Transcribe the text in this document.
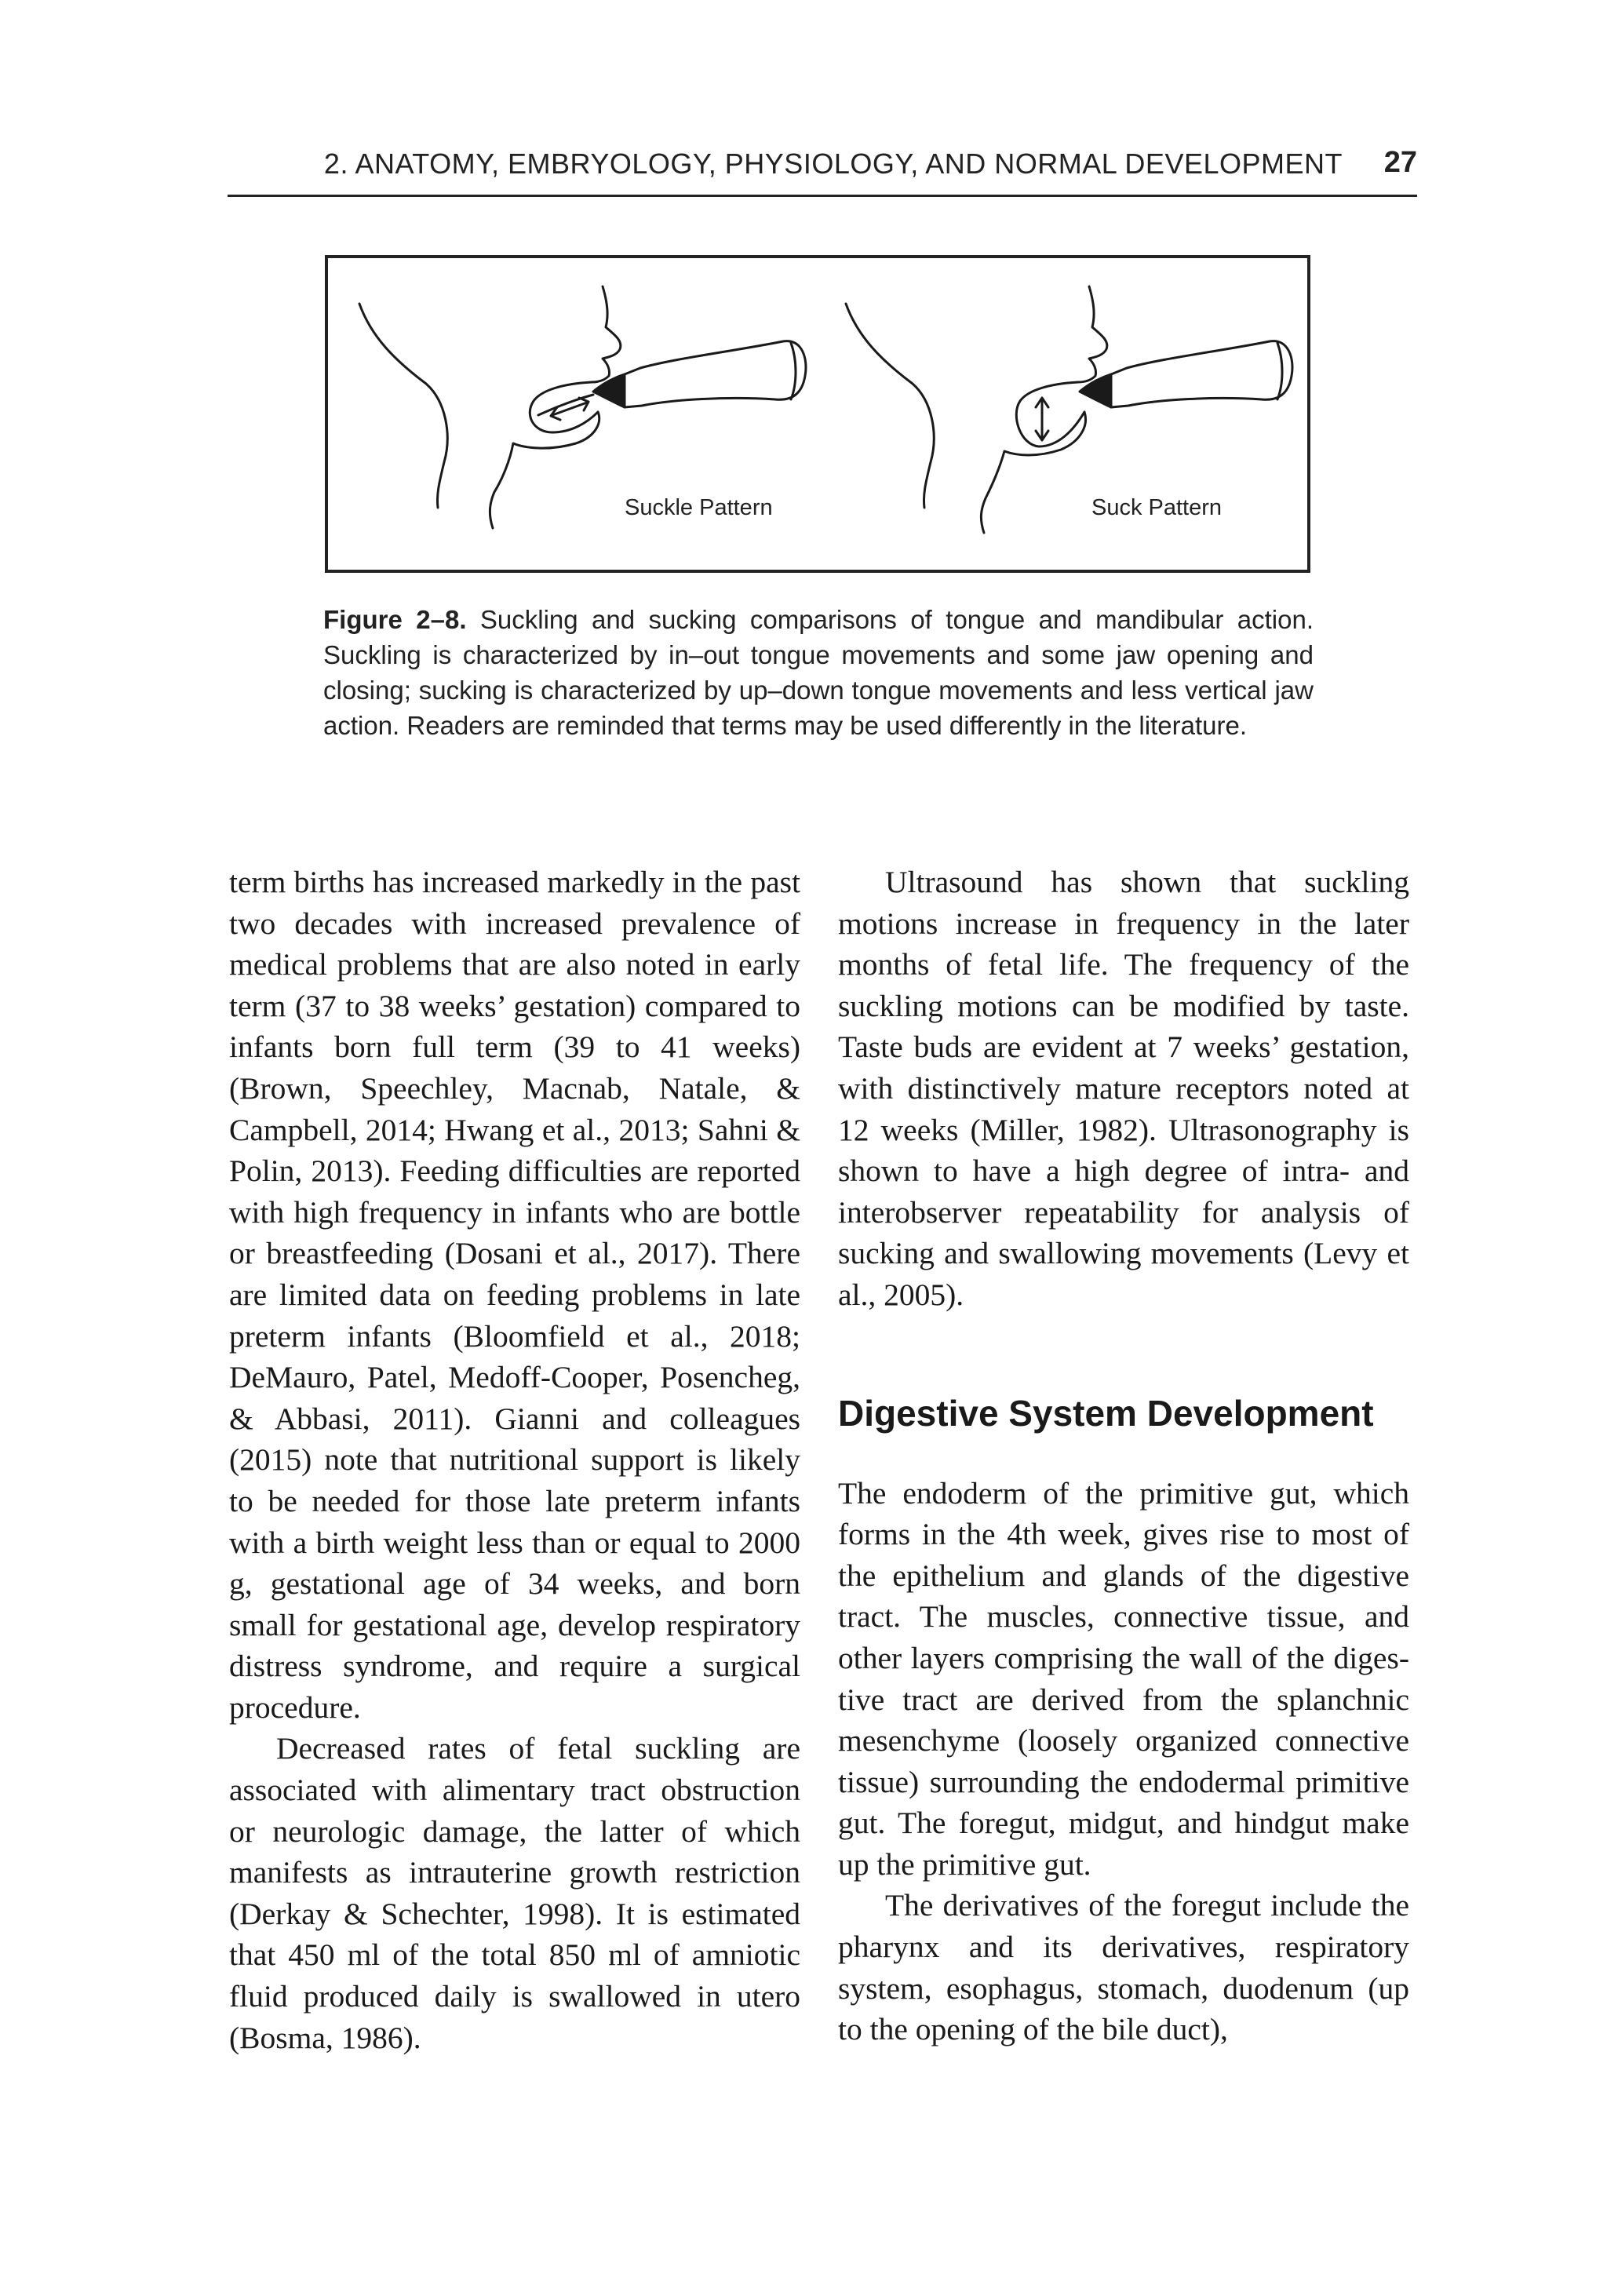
2. ANATOMY, EMBRYOLOGY, PHYSIOLOGY, AND NORMAL DEVELOPMENT 27
Suckle Pattern	Suck Pattern
Figure 2–8. Suckling and sucking comparisons of tongue and mandibular action. Suckling is characterized by in–out tongue movements and some jaw opening and closing; sucking is characterized by up–down tongue movements and less vertical jaw action. Readers are reminded that terms may be used differently in the literature.

term births has increased markedly in the past two decades with increased prevalence of medical problems that are also noted in early term (37 to 38 weeks’ gestation) compared to infants born full term (39 to 41 weeks) (Brown, Speechley, Macnab, Natale, & Campbell, 2014; Hwang et al., 2013; Sahni & Polin, 2013). Feeding difficulties are reported with high frequency in infants who are bottle or breastfeeding (Dosani et al., 2017). There are limited data on feeding problems in late preterm infants (Bloomfield et al., 2018; DeMauro, Patel, Medoff-Cooper, Posencheg, & Abbasi, 2011). Gianni and colleagues (2015) note that nutritional support is likely to be needed for those late preterm infants with a birth weight less than or equal to 2000 g, gestational age of 34 weeks, and born small for gestational age, develop respiratory distress syndrome, and require a surgical procedure.

Decreased rates of fetal suckling are associated with alimentary tract obstruction or neurologic damage, the latter of which manifests as intrauterine growth restriction (Derkay & Schechter, 1998). It is estimated that 450 ml of the total 850 ml of amniotic fluid produced daily is swallowed in utero (Bosma, 1986).

Ultrasound has shown that suckling motions increase in frequency in the later months of fetal life. The frequency of the suckling motions can be modified by taste. Taste buds are evident at 7 weeks’ gestation, with distinctively mature receptors noted at 12 weeks (Miller, 1982). Ultrasonography is shown to have a high degree of intra- and interobserver repeatability for analysis of sucking and swallowing movements (Levy et al., 2005).

Digestive System Development

The endoderm of the primitive gut, which forms in the 4th week, gives rise to most of the epithelium and glands of the digestive tract. The muscles, connective tissue, and other layers comprising the wall of the digestive tract are derived from the splanchnic mesenchyme (loosely organized connective tissue) surrounding the endodermal primitive gut. The foregut, midgut, and hindgut make up the primitive gut.

The derivatives of the foregut include the pharynx and its derivatives, respiratory system, esophagus, stomach, duodenum (up to the opening of the bile duct),
